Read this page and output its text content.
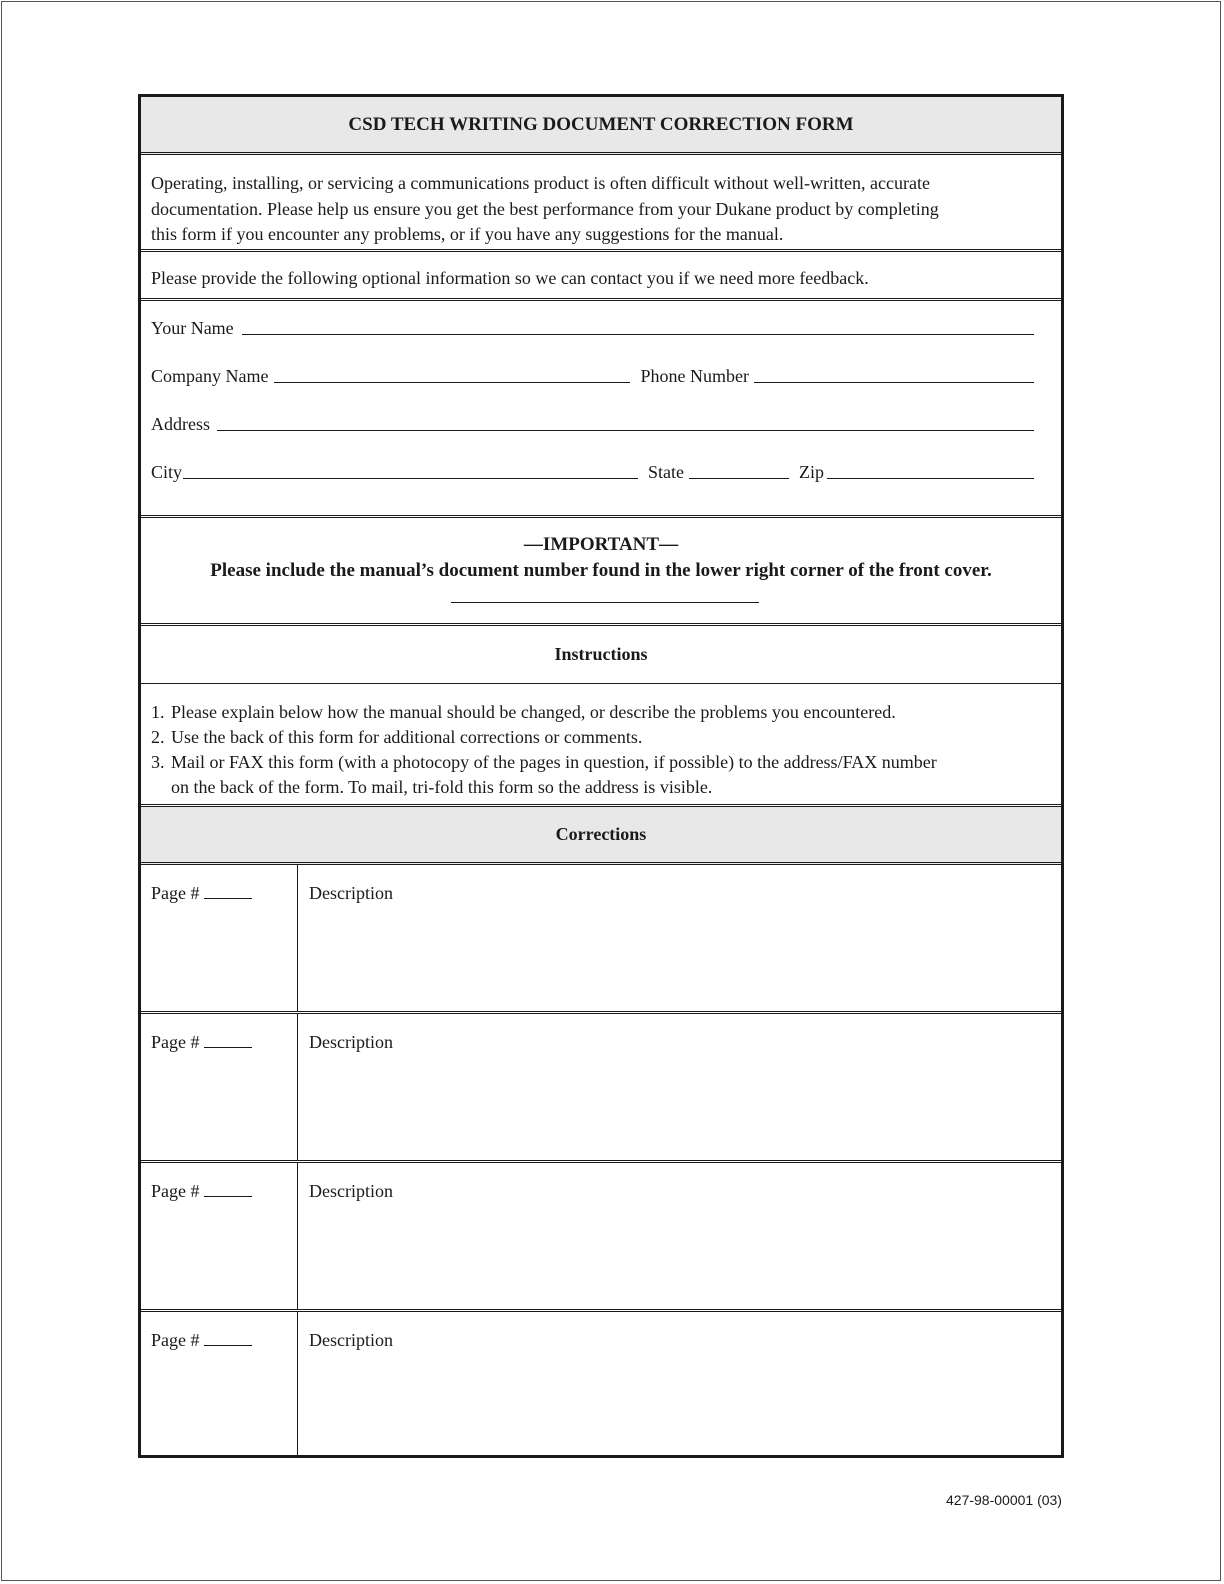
CSD TECH WRITING DOCUMENT CORRECTION FORM
Operating, installing, or servicing a communications product is often difficult without well-written, accurate
documentation. Please help us ensure you get the best performance from your Dukane product by completing
this form if you encounter any problems, or if you have any suggestions for the manual.
Please provide the following optional information so we can contact you if we need more feedback.
Your Name
Company Name	Phone Number
Address
City	State	Zip
—IMPORTANT—
Please include the manual’s document number found in the lower right corner of the front cover.
Instructions
1. Please explain below how the manual should be changed, or describe the problems you encountered.
2. Use the back of this form for additional corrections or comments.
3. Mail or FAX this form (with a photocopy of the pages in question, if possible) to the address/FAX number
on the back of the form. To mail, tri-fold this form so the address is visible.
Corrections
Page #	Description
Page #	Description
Page #	Description
Page #	Description
427-98-00001 (03)
